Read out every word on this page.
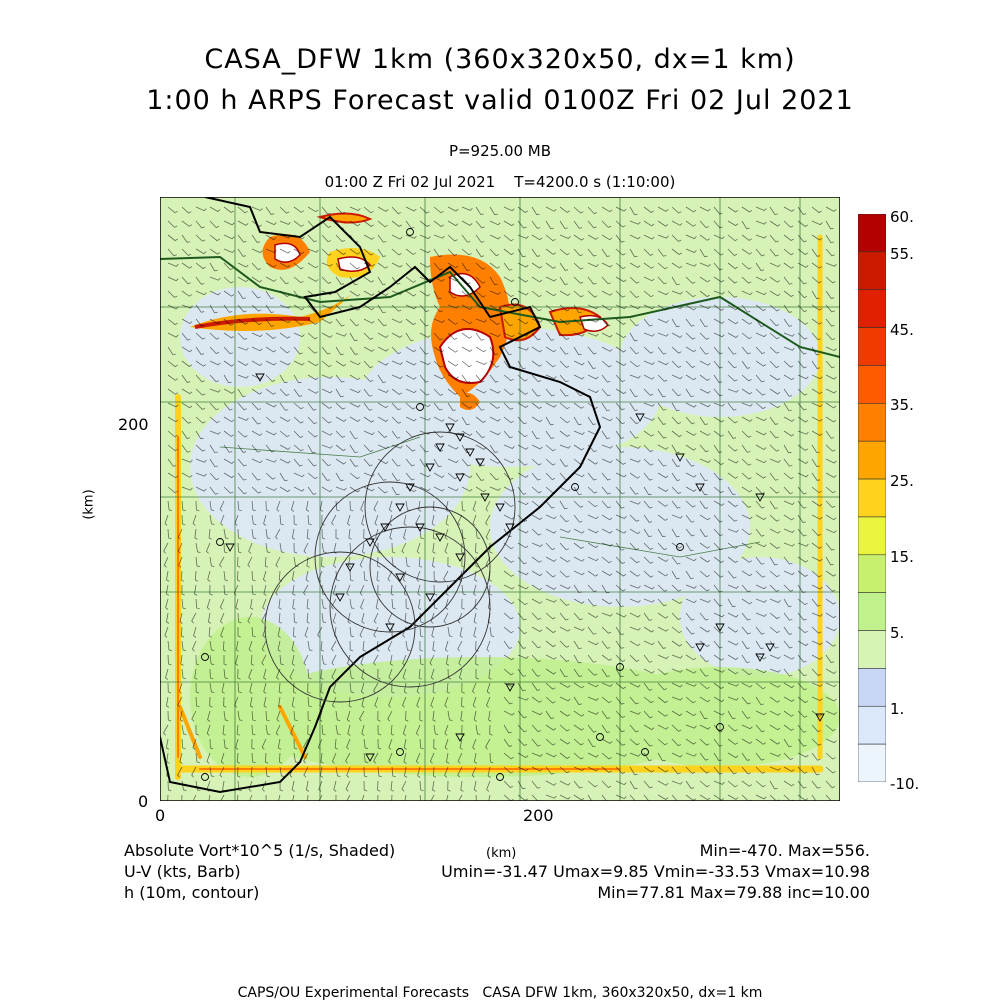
CASA_DFW 1km (360x320x50, dx=1 km)
1:00 h ARPS Forecast valid 0100Z Fri 02 Jul 2021
P=925.00 MB
01:00 Z Fri 02 Jul 2021    T=4200.0 s (1:10:00)
200
0
0	200
(km)
60.
55.
45.
35.
25.
15.
5.
1.
-10.
Absolute Vort*10^5 (1/s, Shaded)
U-V (kts, Barb)
h (10m, contour)
(km)	Min=-470. Max=556.
Umin=-31.47 Umax=9.85 Vmin=-33.53 Vmax=10.98
Min=77.81 Max=79.88 inc=10.00
CAPS/OU Experimental Forecasts   CASA DFW 1km, 360x320x50, dx=1 km
